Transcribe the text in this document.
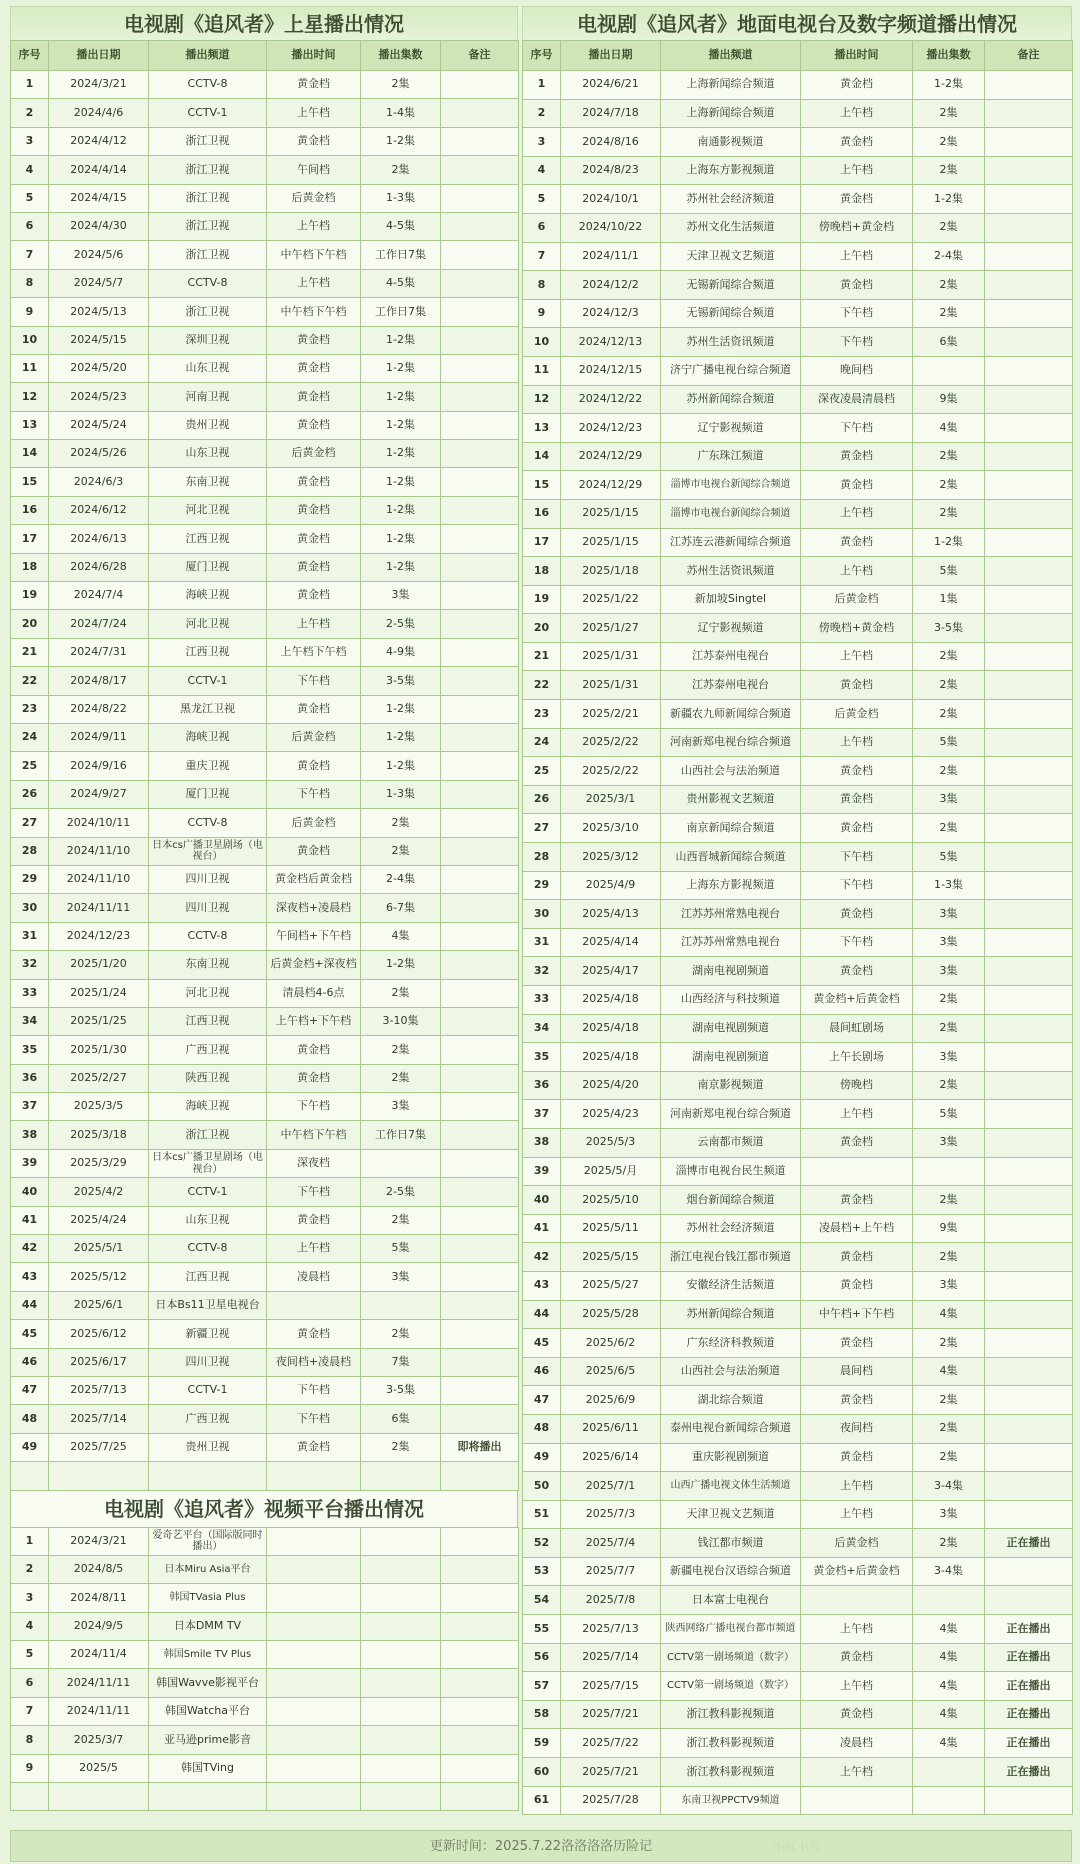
电视剧《追风者》上星播出情况
序号	播出日期	播出频道	播出时间	播出集数	备注
1	2024/3/21	CCTV-8	黄金档	2集	
2	2024/4/6	CCTV-1	上午档	1-4集	
3	2024/4/12	浙江卫视	黄金档	1-2集	
4	2024/4/14	浙江卫视	午间档	2集	
5	2024/4/15	浙江卫视	后黄金档	1-3集	
6	2024/4/30	浙江卫视	上午档	4-5集	
7	2024/5/6	浙江卫视	中午档下午档	工作日7集	
8	2024/5/7	CCTV-8	上午档	4-5集	
9	2024/5/13	浙江卫视	中午档下午档	工作日7集	
10	2024/5/15	深圳卫视	黄金档	1-2集	
11	2024/5/20	山东卫视	黄金档	1-2集	
12	2024/5/23	河南卫视	黄金档	1-2集	
13	2024/5/24	贵州卫视	黄金档	1-2集	
14	2024/5/26	山东卫视	后黄金档	1-2集	
15	2024/6/3	东南卫视	黄金档	1-2集	
16	2024/6/12	河北卫视	黄金档	1-2集	
17	2024/6/13	江西卫视	黄金档	1-2集	
18	2024/6/28	厦门卫视	黄金档	1-2集	
19	2024/7/4	海峡卫视	黄金档	3集	
20	2024/7/24	河北卫视	上午档	2-5集	
21	2024/7/31	江西卫视	上午档下午档	4-9集	
22	2024/8/17	CCTV-1	下午档	3-5集	
23	2024/8/22	黑龙江卫视	黄金档	1-2集	
24	2024/9/11	海峡卫视	后黄金档	1-2集	
25	2024/9/16	重庆卫视	黄金档	1-2集	
26	2024/9/27	厦门卫视	下午档	1-3集	
27	2024/10/11	CCTV-8	后黄金档	2集	
28	2024/11/10	日本cs广播卫星剧场（电视台）	黄金档	2集	
29	2024/11/10	四川卫视	黄金档后黄金档	2-4集	
30	2024/11/11	四川卫视	深夜档+凌晨档	6-7集	
31	2024/12/23	CCTV-8	午间档+下午档	4集	
32	2025/1/20	东南卫视	后黄金档+深夜档	1-2集	
33	2025/1/24	河北卫视	清晨档4-6点	2集	
34	2025/1/25	江西卫视	上午档+下午档	3-10集	
35	2025/1/30	广西卫视	黄金档	2集	
36	2025/2/27	陕西卫视	黄金档	2集	
37	2025/3/5	海峡卫视	下午档	3集	
38	2025/3/18	浙江卫视	中午档下午档	工作日7集	
39	2025/3/29	日本cs广播卫星剧场（电视台）	深夜档		
40	2025/4/2	CCTV-1	下午档	2-5集	
41	2025/4/24	山东卫视	黄金档	2集	
42	2025/5/1	CCTV-8	上午档	5集	
43	2025/5/12	江西卫视	凌晨档	3集	
44	2025/6/1	日本Bs11卫星电视台			
45	2025/6/12	新疆卫视	黄金档	2集	
46	2025/6/17	四川卫视	夜间档+凌晨档	7集	
47	2025/7/13	CCTV-1	下午档	3-5集	
48	2025/7/14	广西卫视	下午档	6集	
49	2025/7/25	贵州卫视	黄金档	2集	即将播出

电视剧《追风者》视频平台播出情况
1	2024/3/21	爱奇艺平台（国际版同时播出）			
2	2024/8/5	日本Miru Asia平台			
3	2024/8/11	韩国TVasia Plus			
4	2024/9/5	日本DMM TV			
5	2024/11/4	韩国Smile TV Plus			
6	2024/11/11	韩国Wavve影视平台			
7	2024/11/11	韩国Watcha平台			
8	2025/3/7	亚马逊prime影音			
9	2025/5	韩国TVing			

电视剧《追风者》地面电视台及数字频道播出情况
序号	播出日期	播出频道	播出时间	播出集数	备注
1	2024/6/21	上海新闻综合频道	黄金档	1-2集	
2	2024/7/18	上海新闻综合频道	上午档	2集	
3	2024/8/16	南通影视频道	黄金档	2集	
4	2024/8/23	上海东方影视频道	上午档	2集	
5	2024/10/1	苏州社会经济频道	黄金档	1-2集	
6	2024/10/22	苏州文化生活频道	傍晚档+黄金档	2集	
7	2024/11/1	天津卫视文艺频道	上午档	2-4集	
8	2024/12/2	无锡新闻综合频道	黄金档	2集	
9	2024/12/3	无锡新闻综合频道	下午档	2集	
10	2024/12/13	苏州生活资讯频道	下午档	6集	
11	2024/12/15	济宁广播电视台综合频道	晚间档		
12	2024/12/22	苏州新闻综合频道	深夜凌晨清晨档	9集	
13	2024/12/23	辽宁影视频道	下午档	4集	
14	2024/12/29	广东珠江频道	黄金档	2集	
15	2024/12/29	淄博市电视台新闻综合频道	黄金档	2集	
16	2025/1/15	淄博市电视台新闻综合频道	上午档	2集	
17	2025/1/15	江苏连云港新闻综合频道	黄金档	1-2集	
18	2025/1/18	苏州生活资讯频道	上午档	5集	
19	2025/1/22	新加坡Singtel	后黄金档	1集	
20	2025/1/27	辽宁影视频道	傍晚档+黄金档	3-5集	
21	2025/1/31	江苏泰州电视台	上午档	2集	
22	2025/1/31	江苏泰州电视台	黄金档	2集	
23	2025/2/21	新疆农九师新闻综合频道	后黄金档	2集	
24	2025/2/22	河南新郑电视台综合频道	上午档	5集	
25	2025/2/22	山西社会与法治频道	黄金档	2集	
26	2025/3/1	贵州影视文艺频道	黄金档	3集	
27	2025/3/10	南京新闻综合频道	黄金档	2集	
28	2025/3/12	山西晋城新闻综合频道	下午档	5集	
29	2025/4/9	上海东方影视频道	下午档	1-3集	
30	2025/4/13	江苏苏州常熟电视台	黄金档	3集	
31	2025/4/14	江苏苏州常熟电视台	下午档	3集	
32	2025/4/17	湖南电视剧频道	黄金档	3集	
33	2025/4/18	山西经济与科技频道	黄金档+后黄金档	2集	
34	2025/4/18	湖南电视剧频道	晨间虹剧场	2集	
35	2025/4/18	湖南电视剧频道	上午长剧场	3集	
36	2025/4/20	南京影视频道	傍晚档	2集	
37	2025/4/23	河南新郑电视台综合频道	上午档	5集	
38	2025/5/3	云南都市频道	黄金档	3集	
39	2025/5/月	淄博市电视台民生频道			
40	2025/5/10	烟台新闻综合频道	黄金档	2集	
41	2025/5/11	苏州社会经济频道	凌晨档+上午档	9集	
42	2025/5/15	浙江电视台钱江都市频道	黄金档	2集	
43	2025/5/27	安徽经济生活频道	黄金档	3集	
44	2025/5/28	苏州新闻综合频道	中午档+下午档	4集	
45	2025/6/2	广东经济科教频道	黄金档	2集	
46	2025/6/5	山西社会与法治频道	晨间档	4集	
47	2025/6/9	湖北综合频道	黄金档	2集	
48	2025/6/11	泰州电视台新闻综合频道	夜间档	2集	
49	2025/6/14	重庆影视剧频道	黄金档	2集	
50	2025/7/1	山西广播电视文体生活频道	上午档	3-4集	
51	2025/7/3	天津卫视文艺频道	上午档	3集	
52	2025/7/4	钱江都市频道	后黄金档	2集	正在播出
53	2025/7/7	新疆电视台汉语综合频道	黄金档+后黄金档	3-4集	
54	2025/7/8	日本富士电视台			
55	2025/7/13	陕西网络广播电视台都市频道	上午档	4集	正在播出
56	2025/7/14	CCTV第一剧场频道（数字）	黄金档	4集	正在播出
57	2025/7/15	CCTV第一剧场频道（数字）	上午档	4集	正在播出
58	2025/7/21	浙江教科影视频道	黄金档	4集	正在播出
59	2025/7/22	浙江教科影视频道	凌晨档	4集	正在播出
60	2025/7/21	浙江教科影视频道	上午档		正在播出
61	2025/7/28	东南卫视PPCTV9频道			
更新时间：2025.7.22洛洛洛洛历险记	小红书号
